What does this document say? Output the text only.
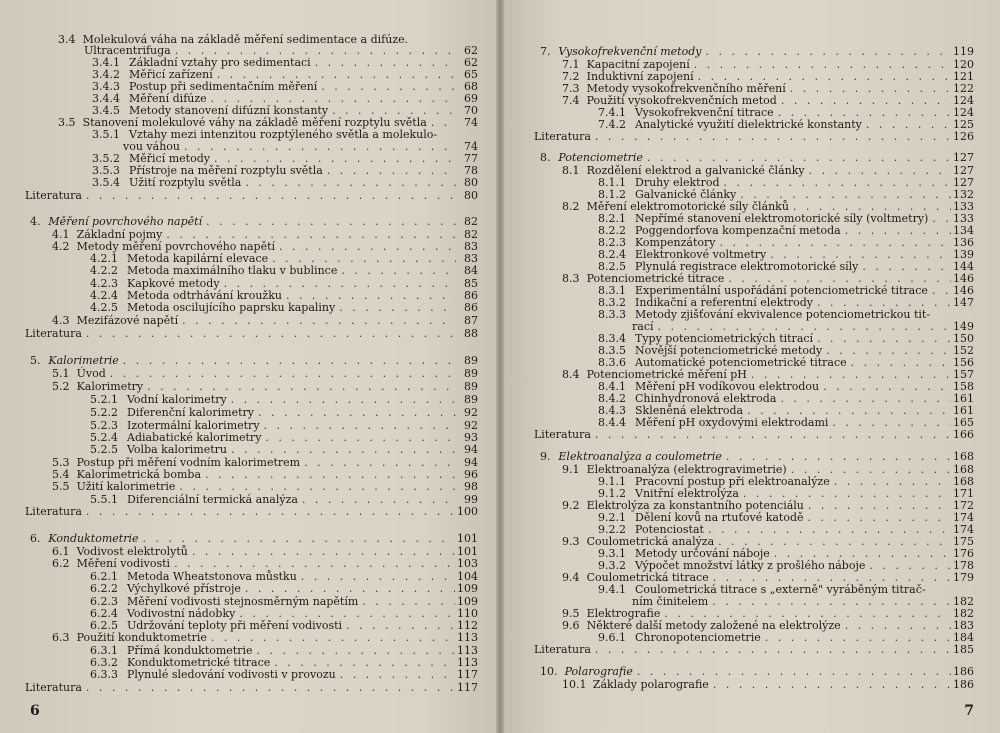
3.4 Molekulová váha na základě měření sedimentace a difúze.
Ultracentrifuga . . .	62
3.4.1 Základní vztahy pro sedimentaci . . .	62
3.4.2 Měřicí zařízení . . .	65
3.4.3 Postup při sedimentačním měření . . .	68
3.4.4 Měření difúze . . .	69
3.4.5 Metody stanovení difúzní konstanty . . .	70
3.5 Stanovení molekulové váhy na základě měření rozptylu světla . . .	74
3.5.1 Vztahy mezi intenzitou rozptýleného světla a molekulo-
vou váhou . . .	74
3.5.2 Měřicí metody . . .	77
3.5.3 Přístroje na měření rozptylu světla . . .	78
3.5.4 Užití rozptylu světla . . .	80
Literatura . . .	80
4. Měření povrchového napětí . . .	82
4.1 Základní pojmy . . .	82
4.2 Metody měření povrchového napětí . . .	83
4.2.1 Metoda kapilární elevace . . .	83
4.2.2 Metoda maximálního tlaku v bublince . . .	84
4.2.3 Kapkové metody . . .	85
4.2.4 Metoda odtrhávání kroužku . . .	86
4.2.5 Metoda oscilujícího paprsku kapaliny . . .	86
4.3 Mezifázové napětí . . .	87
Literatura . . .	88
5. Kalorimetrie . . .	89
5.1 Úvod . . .	89
5.2 Kalorimetry . . .	89
5.2.1 Vodní kalorimetry . . .	89
5.2.2 Diferenční kalorimetry . . .	92
5.2.3 Izotermální kalorimetry . . .	92
5.2.4 Adiabatické kalorimetry . . .	93
5.2.5 Volba kalorimetru . . .	94
5.3 Postup při měření vodním kalorimetrem . . .	94
5.4 Kalorimetrická bomba . . .	96
5.5 Užití kalorimetrie . . .	98
5.5.1 Diferenciální termická analýza . . .	99
Literatura . . .	100
6. Konduktometrie . . .	101
6.1 Vodivost elektrolytů . . .	101
6.2 Měření vodivosti . . .	103
6.2.1 Metoda Wheatstonova můstku . . .	104
6.2.2 Výchylkové přístroje . . .	109
6.2.3 Měření vodivosti stejnosměrným napětím . . .	109
6.2.4 Vodivostní nádobky . . .	110
6.2.5 Udržování teploty při měření vodivosti . . .	112
6.3 Použití konduktometrie . . .	113
6.3.1 Přímá konduktometrie . . .	113
6.3.2 Konduktometrické titrace . . .	113
6.3.3 Plynulé sledování vodivosti v provozu . . .	117
Literatura . . .	117
6
7. Vysokofrekvenční metody . . .	119
7.1 Kapacitní zapojení . . .	120
7.2 Induktivní zapojení . . .	121
7.3 Metody vysokofrekvenčního měření . . .	122
7.4 Použití vysokofrekvenčních metod . . .	124
7.4.1 Vysokofrekvenční titrace . . .	124
7.4.2 Analytické využití dielektrické konstanty . . .	125
Literatura . . .	126
8. Potenciometrie . . .	127
8.1 Rozdělení elektrod a galvanické články . . .	127
8.1.1 Druhy elektrod . . .	127
8.1.2 Galvanické články . . .	132
8.2 Měření elektromotorické síly článků . . .	133
8.2.1 Nepřímé stanovení elektromotorické síly (voltmetry) . . . 133
8.2.2 Poggendorfova kompenzační metoda . . .	134
8.2.3 Kompenzátory . . .	136
8.2.4 Elektronkové voltmetry . . .	139
8.2.5 Plynulá registrace elektromotorické síly . . .	144
8.3 Potenciometrické titrace . . .	146
8.3.1 Experimentální uspořádání potenciometrické titrace . . . 146
8.3.2 Indikační a referentní elektrody . . .	147
8.3.3 Metody zjišťování ekvivalence potenciometrickou tit-
rací . . .	149
8.3.4 Typy potenciometrických titrací . . .	150
8.3.5 Novější potenciometrické metody . . .	152
8.3.6 Automatické potenciometrické titrace . . .	156
8.4 Potenciometrické měření pH . . .	157
8.4.1 Měření pH vodíkovou elektrodou . . .	158
8.4.2 Chinhydronová elektroda . . .	161
8.4.3 Skleněná elektroda . . .	161
8.4.4 Měření pH oxydovými elektrodami . . .	165
Literatura . . .	166
9. Elektroanalýza a coulometrie . . .	168
9.1 Elektroanalýza (elektrogravimetrie) . . .	168
9.1.1 Pracovní postup při elektroanalýze . . .	168
9.1.2 Vnitřní elektrolýza . . .	171
9.2 Elektrolýza za konstantního potenciálu . . .	172
9.2.1 Dělení kovů na rtuťové katodě . . .	174
9.2.2 Potenciostat . . .	174
9.3 Coulometrická analýza . . .	175
9.3.1 Metody určování náboje . . .	176
9.3.2 Výpočet množství látky z prošlého náboje . . .	178
9.4 Coulometrická titrace . . .	179
9.4.1 Coulometrická titrace s „externě" vyráběným titrač-
ním činitelem . . .	182
9.5 Elektrografie . . .	182
9.6 Některé další metody založené na elektrolýze . . .	183
9.6.1 Chronopotenciometrie . . .	184
Literatura . . .	185
10. Polarografie . . .	186
10.1 Základy polarografie . . .	186
7
